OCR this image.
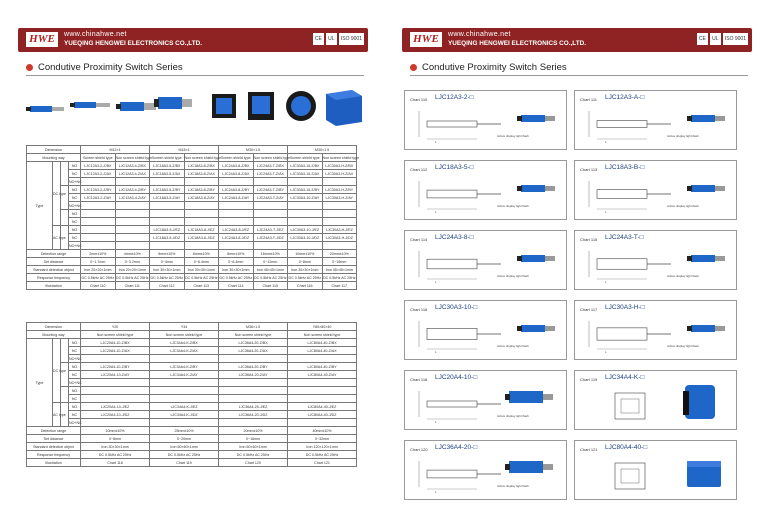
HWE	www.chinahwe.net
YUEQING HENGWEI ELECTRONICS CO.,LTD.
CE	UL	ISO 9001
Condutive Proximity Switch Series
Dimension				M12×1		M18×1		M30×1.5		M30×1.5	
Mounting way				Screen shield type	Non screen shield type	Screen shield type	Non screen shield type	Screen shield type	Non screen shield type	Screen shield type	Non screen shield type
Type	DC type		NO	LJC12A3-2-Z/BX	LJC12A3-4-Z/BX	LJC18A3-5-Z/BX	LJC18A3-8-Z/BX	LJC24A3-8-Z/BX	LJC24A3-T-Z/BX	LJC30A3-10-Z/BX	LJC30A3-H-Z/BX
			NC	LJC12A3-2-Z/AX	LJC12A3-4-Z/AX	LJC18A3-5-Z/AX	LJC18A3-8-Z/AX	LJC24A3-8-Z/AX	LJC24A3-T-Z/AX	LJC30A3-10-Z/AX	LJC30A3-H-Z/AX
			NO+NC								
			NO	LJC12A3-2-Z/BY	LJC12A3-4-Z/BY	LJC18A3-5-Z/BY	LJC18A3-8-Z/BY	LJC24A3-8-Z/BY	LJC24A3-T-Z/BY	LJC30A3-10-Z/BY	LJC30A3-H-Z/BY
			NC	LJC12A3-2-Z/AY	LJC12A3-4-Z/AY	LJC18A3-5-Z/AY	LJC18A3-8-Z/AY	LJC24A3-8-Z/AY	LJC24A3-T-Z/AY	LJC30A3-10-Z/AY	LJC30A3-H-Z/AY
			NO+NC								
			NO								
			NC								
	AC type		NO			LJC18A3-5-J/EZ	LJC18A3-8-J/EZ	LJC24A3-8-J/EZ	LJC24A3-T-J/EZ	LJC30A3-10-J/EZ	LJC30A3-H-J/EZ
			NC			LJC18A3-5-J/DZ	LJC18A3-8-J/DZ	LJC24A3-8-J/DZ	LJC24A3-T-J/DZ	LJC30A3-10-J/DZ	LJC30A3-H-J/DZ
			NO+NC								
Detection range				2mm±10%	4mm±10%	5mm±10%	8mm±10%	8mm±10%	15mm±10%	10mm±10%	20mm±10%
Set distance				0~1.7mm	0~3.2mm	0~4mm	0~6.4mm	0~6.4mm	0~12mm	0~8mm	0~16mm
Standard detection object				Iron 20×20×1mm	Iron 20×20×1mm	Iron 30×30×1mm	Iron 30×30×1mm	Iron 30×30×1mm	Iron 45×45×1mm	Iron 30×30×1mm	Iron 45×45×1mm
Response frequency				DC 0.5kHz AC 25Hz	DC 0.5kHz AC 25Hz	DC 0.5kHz AC 25Hz	DC 0.5kHz AC 25Hz	DC 0.5kHz AC 25Hz	DC 0.5kHz AC 25Hz	DC 0.5kHz AC 25Hz	DC 0.5kHz AC 25Hz
Illustration				Chart 110	Chart 111	Chart 112	Chart 113	Chart 114	Chart 115	Chart 116	Chart 117
Dimension				Y20	Y34	M36×1.5	Y80×80×40
Mounting way				Non screen shield type	Non screen shield type	Non screen shield type	Non screen shield type
Type	DC type		NO	LJC20A4-10-Z/BX	LJC34A4-K-Z/BX	LJC36A4-20-Z/BX	LJC80A4-40-Z/BX
			NC	LJC20A4-10-Z/AX	LJC34A4-K-Z/AX	LJC36A4-20-Z/AX	LJC80A4-40-Z/AX
			NO+NC				
			NO	LJC20A4-10-Z/BY	LJC34A4-K-Z/BY	LJC36A4-20-Z/BY	LJC80A4-40-Z/BY
			NC	LJC20A4-10-Z/AY	LJC34A4-K-Z/AY	LJC36A4-20-Z/AY	LJC80A4-40-Z/AY
			NO+NC				
			NO				
			NC				
	AC type		NO	LJC20A4-10-J/EZ	LJC34A4-K-J/EZ	LJC36A4-20-J/EZ	LJC80A4-40-J/EZ
			NC	LJC20A4-10-J/DZ	LJC34A4-K-J/DZ	LJC36A4-20-J/DZ	LJC80A4-40-J/DZ
			NO+NC				
Detection range				10mm±10%	25mm±10%	20mm±10%	40mm±10%
Set distance				0~8mm	0~20mm	0~16mm	0~32mm
Standard detection object				Iron 30×30×1mm	Iron 60×60×1mm	Iron 60×60×1mm	Iron 120×120×1mm
Response frequency				DC 0.5kHz AC 25Hz	DC 0.5kHz AC 25Hz	DC 0.5kHz AC 25Hz	DC 0.5kHz AC 25Hz
Illustration				Chart 118	Chart 119	Chart 120	Chart 121
HWE	www.chinahwe.net
YUEQING HENGWEI ELECTRONICS CO.,LTD.
CE	UL	ISO 9001
Condutive Proximity Switch Series
L
Active display light flash
Chart 110 LJC12A3-2-□
L
Active display light flash
Chart 111 LJC12A3-A-□
L
Active display light flash
Chart 112 LJC18A3-5-□
L
Active display light flash
Chart 113 LJC18A3-B-□
L
Active display light flash
Chart 114 LJC24A3-8-□
L
Active display light flash
Chart 115 LJC24A3-T-□
L
Active display light flash
Chart 116 LJC30A3-10-□
L
Active display light flash
Chart 117 LJC30A3-H-□
L
Active display light flash
Chart 118 LJC20A4-10-□	Chart 119 LJC34A4-K-□
L
Active display light flash
Chart 120 LJC36A4-20-□	Chart 121 LJC80A4-40-□
